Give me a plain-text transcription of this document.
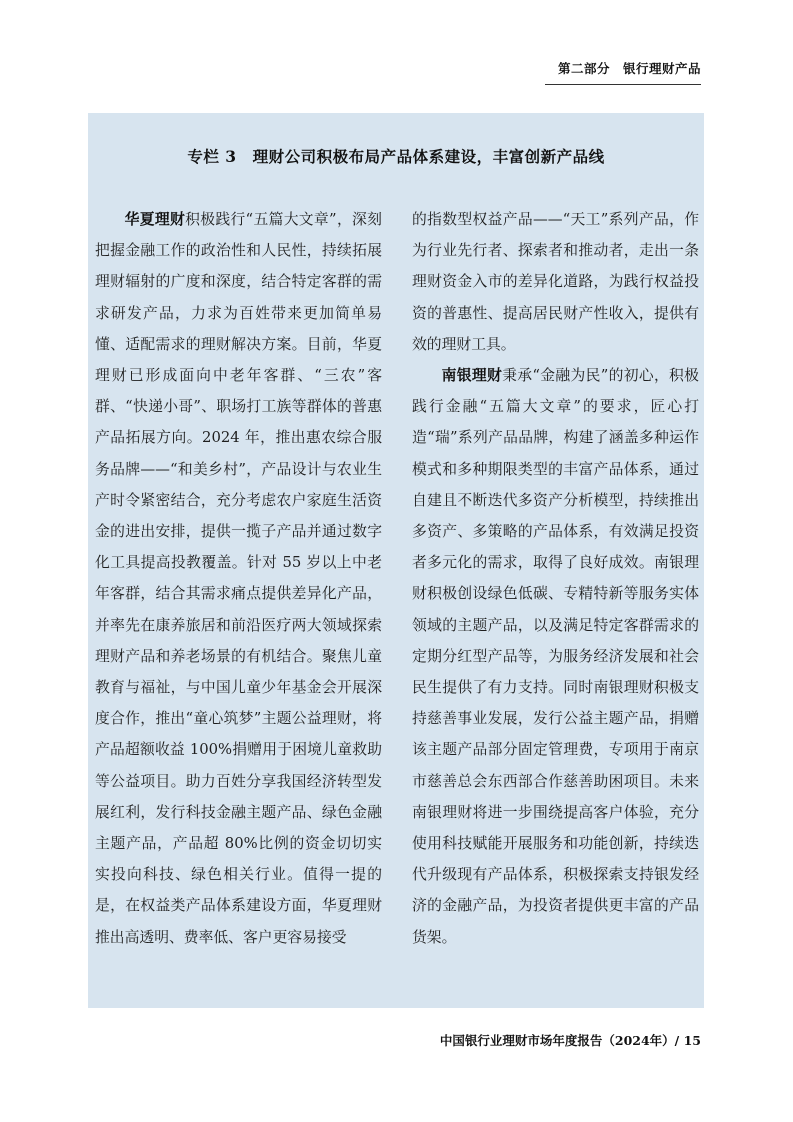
第二部分　银行理财产品
专栏 3　理财公司积极布局产品体系建设，丰富创新产品线

华夏理财积极践行“五篇大文章”，深刻把握金融工作的政治性和人民性，持续拓展理财辐射的广度和深度，结合特定客群的需求研发产品，力求为百姓带来更加简单易懂、适配需求的理财解决方案。目前，华夏理财已形成面向中老年客群、“三农”客群、“快递小哥”、职场打工族等群体的普惠产品拓展方向。2024 年，推出惠农综合服务品牌——“和美乡村”，产品设计与农业生产时令紧密结合，充分考虑农户家庭生活资金的进出安排，提供一揽子产品并通过数字化工具提高投教覆盖。针对 55 岁以上中老年客群，结合其需求痛点提供差异化产品，并率先在康养旅居和前沿医疗两大领域探索理财产品和养老场景的有机结合。聚焦儿童教育与福祉，与中国儿童少年基金会开展深度合作，推出“童心筑梦”主题公益理财，将产品超额收益 100%捐赠用于困境儿童救助等公益项目。助力百姓分享我国经济转型发展红利，发行科技金融主题产品、绿色金融主题产品，产品超 80%比例的资金切切实实投向科技、绿色相关行业。值得一提的是，在权益类产品体系建设方面，华夏理财推出高透明、费率低、客户更容易接受

的指数型权益产品——“天工”系列产品，作为行业先行者、探索者和推动者，走出一条理财资金入市的差异化道路，为践行权益投资的普惠性、提高居民财产性收入，提供有效的理财工具。

南银理财秉承“金融为民”的初心，积极践行金融“五篇大文章”的要求，匠心打造“瑞”系列产品品牌，构建了涵盖多种运作模式和多种期限类型的丰富产品体系，通过自建且不断迭代多资产分析模型，持续推出多资产、多策略的产品体系，有效满足投资者多元化的需求，取得了良好成效。南银理财积极创设绿色低碳、专精特新等服务实体领域的主题产品，以及满足特定客群需求的定期分红型产品等，为服务经济发展和社会民生提供了有力支持。同时南银理财积极支持慈善事业发展，发行公益主题产品，捐赠该主题产品部分固定管理费，专项用于南京市慈善总会东西部合作慈善助困项目。未来南银理财将进一步围绕提高客户体验，充分使用科技赋能开展服务和功能创新，持续迭代升级现有产品体系，积极探索支持银发经济的金融产品，为投资者提供更丰富的产品货架。

中国银行业理财市场年度报告（2024年）/ 15
